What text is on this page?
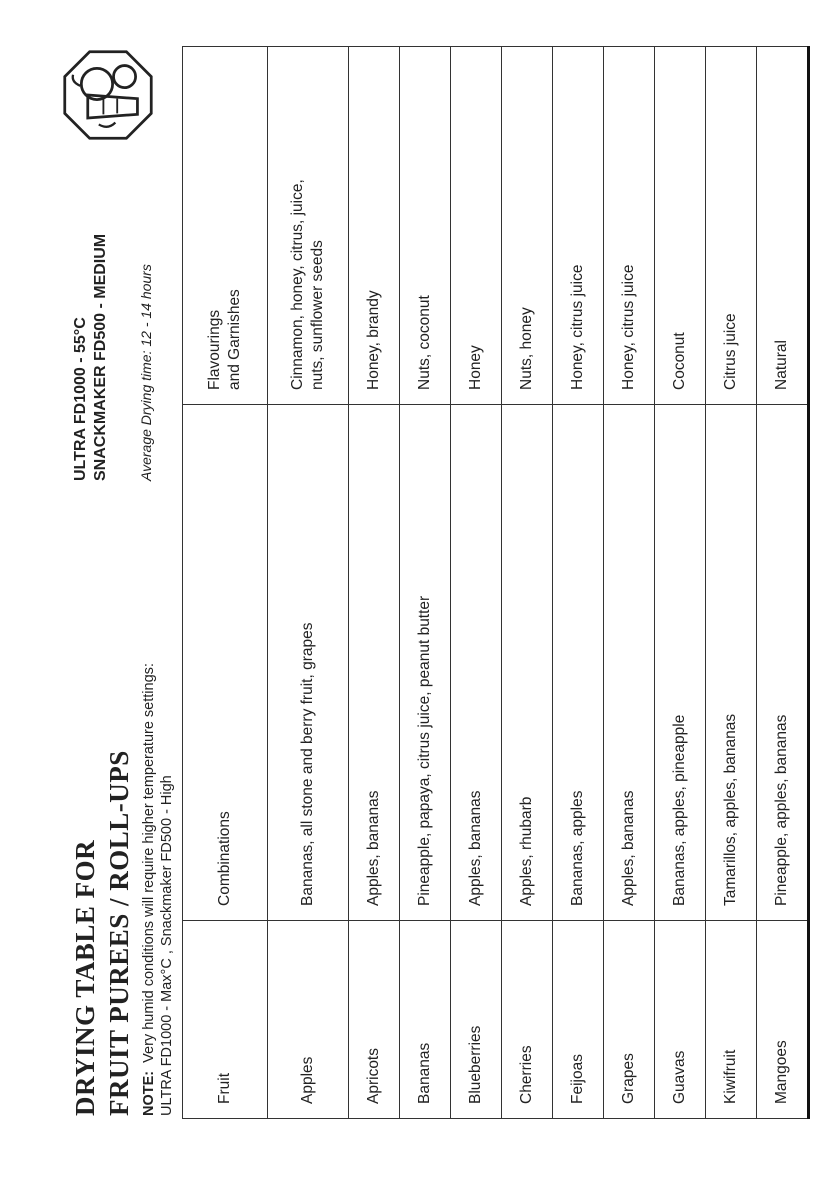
DRYING TABLE FOR FRUIT PUREES / ROLL-UPS NOTE:  Very humid conditions will require higher temperature settings: ULTRA FD1000 - Max°C , Snackmaker FD500 - High
ULTRA FD1000 - 55°C SNACKMAKER FD500 - MEDIUM Average Drying time: 12 - 14 hours
Fruit	Combinations	Flavourings and Garnishes

Apples	Bananas, all stone and berry fruit, grapes	Cinnamon, honey, citrus, juice, nuts, sunflower seeds

Apricots	Apples, bananas	Honey, brandy
Bananas	Pineapple, papaya, citrus juice, peanut butter	Nuts, coconut
Blueberries	Apples, bananas	Honey
Cherries	Apples, rhubarb	Nuts, honey
Feijoas	Bananas, apples	Honey, citrus juice
Grapes	Apples, bananas	Honey, citrus juice
Guavas	Bananas, apples, pineapple	Coconut
Kiwifruit	Tamarillos, apples, bananas	Citrus juice
Mangoes	Pineapple, apples, bananas	Natural
